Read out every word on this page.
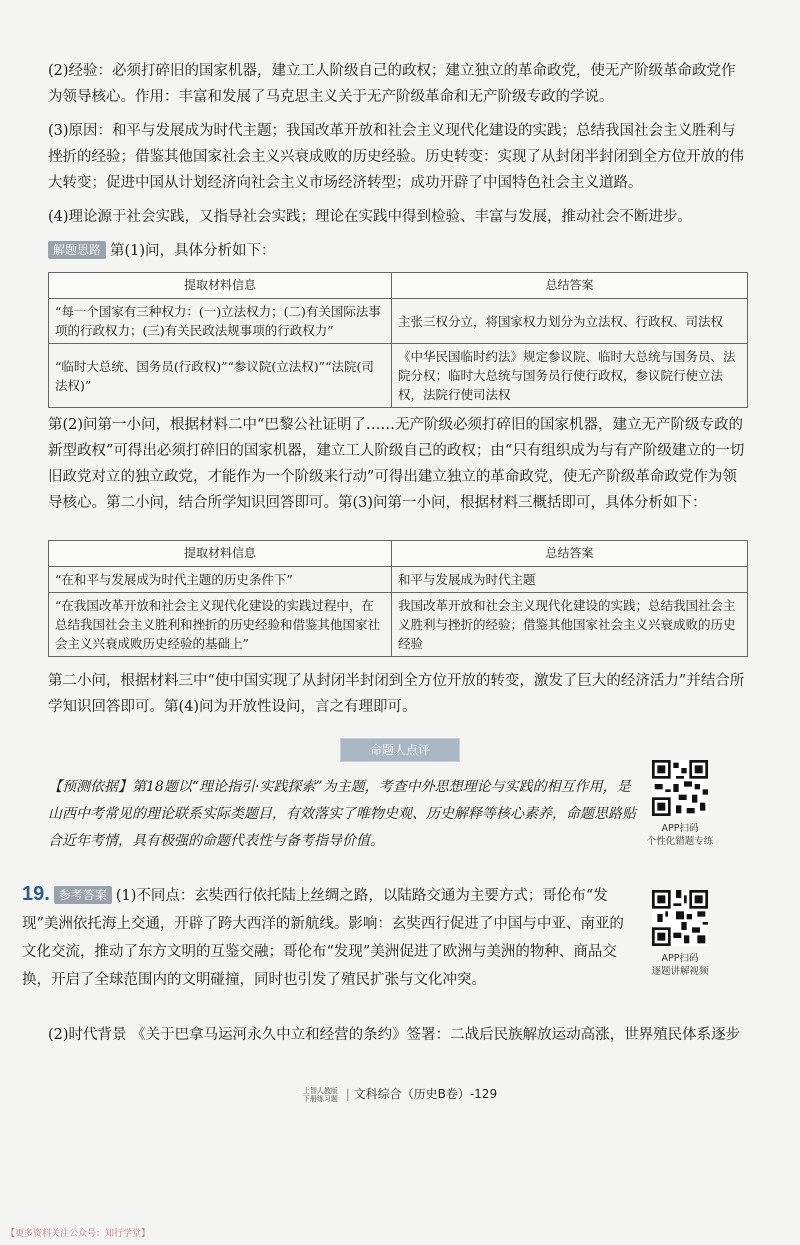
(2)经验：必须打碎旧的国家机器，建立工人阶级自己的政权；建立独立的革命政党，使无产阶级革命政党作为领导核心。作用：丰富和发展了马克思主义关于无产阶级革命和无产阶级专政的学说。

(3)原因：和平与发展成为时代主题；我国改革开放和社会主义现代化建设的实践；总结我国社会主义胜利与挫折的经验；借鉴其他国家社会主义兴衰成败的历史经验。历史转变：实现了从封闭半封闭到全方位开放的伟大转变；促进中国从计划经济向社会主义市场经济转型；成功开辟了中国特色社会主义道路。

(4)理论源于社会实践，又指导社会实践；理论在实践中得到检验、丰富与发展，推动社会不断进步。

解题思路 第(1)问，具体分析如下：

提取材料信息	总结答案
“每一个国家有三种权力：(一)立法权力；(二)有关国际法事项的行政权力；(三)有关民政法规事项的行政权力”	主张三权分立，将国家权力划分为立法权、行政权、司法权
“临时大总统、国务员(行政权)”“参议院(立法权)”“法院(司法权)”	《中华民国临时约法》规定参议院、临时大总统与国务员、法院分权；临时大总统与国务员行使行政权，参议院行使立法权，法院行使司法权

第(2)问第一小问，根据材料二中“巴黎公社证明了……无产阶级必须打碎旧的国家机器，建立无产阶级专政的新型政权”可得出必须打碎旧的国家机器，建立工人阶级自己的政权；由“只有组织成为与有产阶级建立的一切旧政党对立的独立政党，才能作为一个阶级来行动”可得出建立独立的革命政党，使无产阶级革命政党作为领导核心。第二小问，结合所学知识回答即可。第(3)问第一小问，根据材料三概括即可，具体分析如下：

提取材料信息	总结答案
“在和平与发展成为时代主题的历史条件下”	和平与发展成为时代主题
“在我国改革开放和社会主义现代化建设的实践过程中，在总结我国社会主义胜利和挫折的历史经验和借鉴其他国家社会主义兴衰成败历史经验的基础上”	我国改革开放和社会主义现代化建设的实践；总结我国社会主义胜利与挫折的经验；借鉴其他国家社会主义兴衰成败的历史经验

第二小问，根据材料三中“使中国实现了从封闭半封闭到全方位开放的转变，激发了巨大的经济活力”并结合所学知识回答即可。第(4)问为开放性设问，言之有理即可。

命题人点评

【预测依据】第18题以“理论指引·实践探索”为主题，考查中外思想理论与实践的相互作用，是山西中考常见的理论联系实际类题目，有效落实了唯物史观、历史解释等核心素养，命题思路贴合近年考情，具有极强的命题代表性与备考指导价值。

APP扫码
个性化错题专练

19. 参考答案 (1)不同点：玄奘西行依托陆上丝绸之路，以陆路交通为主要方式；哥伦布“发现”美洲依托海上交通，开辟了跨大西洋的新航线。影响：玄奘西行促进了中国与中亚、南亚的文化交流，推动了东方文明的互鉴交融；哥伦布“发现”美洲促进了欧洲与美洲的物种、商品交换，开启了全球范围内的文明碰撞，同时也引发了殖民扩张与文化冲突。

APP扫码
逐题讲解视频

(2)时代背景 《关于巴拿马运河永久中立和经营的条约》签署：二战后民族解放运动高涨，世界殖民体系逐步

上智人教版
下册练习题 | 文科综合（历史B卷）-129
【更多资料关注公众号：知行学堂】
